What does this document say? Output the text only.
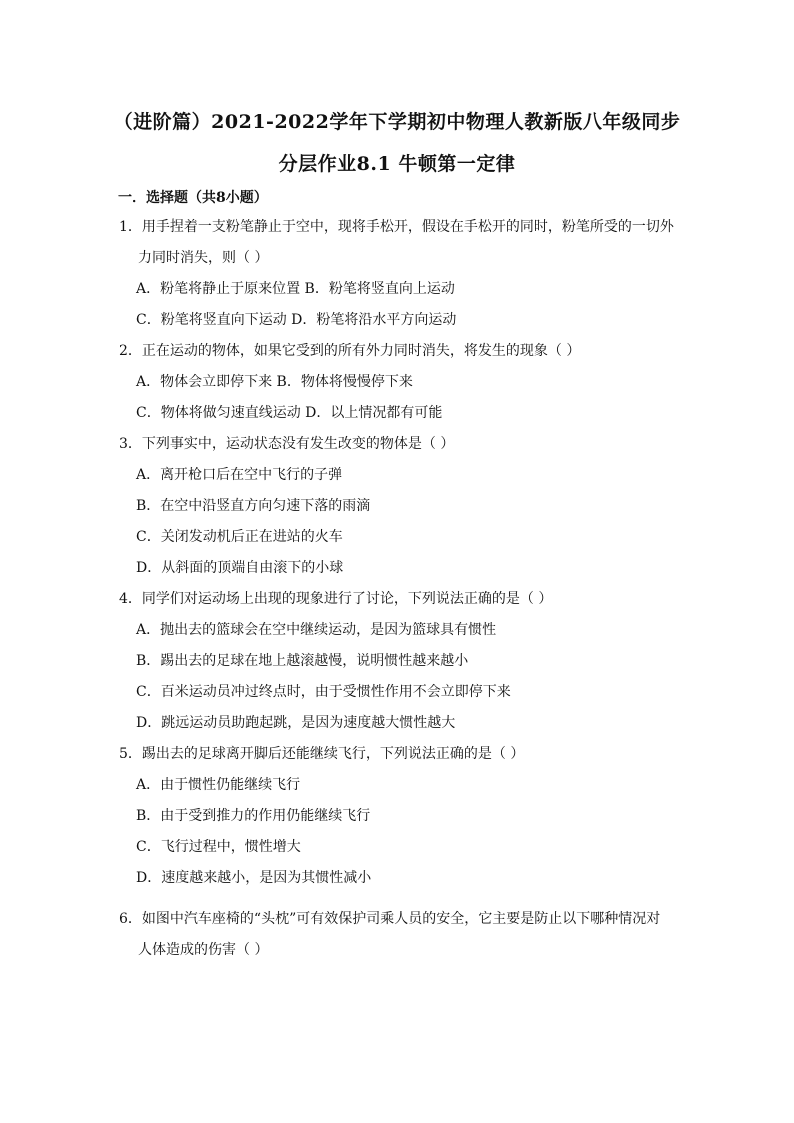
（进阶篇）2021-2022学年下学期初中物理人教新版八年级同步
分层作业8.1 牛顿第一定律
一．选择题（共8小题）
1．用手捏着一支粉笔静止于空中，现将手松开，假设在手松开的同时，粉笔所受的一切外
力同时消失，则（ ）
A．粉笔将静止于原来位置 B．粉笔将竖直向上运动
C．粉笔将竖直向下运动 D．粉笔将沿水平方向运动
2．正在运动的物体，如果它受到的所有外力同时消失，将发生的现象（ ）
A．物体会立即停下来 B．物体将慢慢停下来
C．物体将做匀速直线运动 D．以上情况都有可能
3．下列事实中，运动状态没有发生改变的物体是（ ）
A．离开枪口后在空中飞行的子弹
B．在空中沿竖直方向匀速下落的雨滴
C．关闭发动机后正在进站的火车
D．从斜面的顶端自由滚下的小球
4．同学们对运动场上出现的现象进行了讨论，下列说法正确的是（ ）
A．抛出去的篮球会在空中继续运动，是因为篮球具有惯性
B．踢出去的足球在地上越滚越慢，说明惯性越来越小
C．百米运动员冲过终点时，由于受惯性作用不会立即停下来
D．跳远运动员助跑起跳，是因为速度越大惯性越大
5．踢出去的足球离开脚后还能继续飞行，下列说法正确的是（ ）
A．由于惯性仍能继续飞行
B．由于受到推力的作用仍能继续飞行
C．飞行过程中，惯性增大
D．速度越来越小，是因为其惯性减小
6．如图中汽车座椅的“头枕”可有效保护司乘人员的安全，它主要是防止以下哪种情况对
人体造成的伤害（ ）
